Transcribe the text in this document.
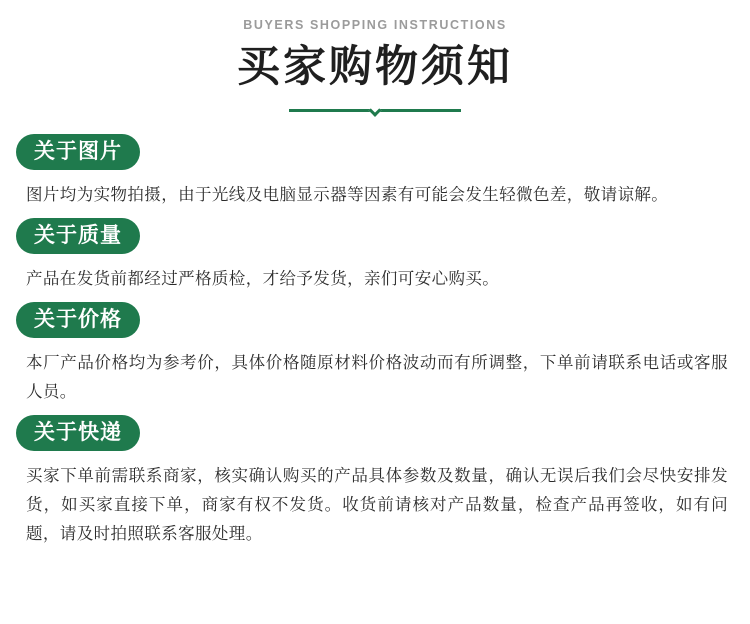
BUYERS SHOPPING INSTRUCTIONS
买家购物须知
关于图片
图片均为实物拍摄，由于光线及电脑显示器等因素有可能会发生轻微色差，敬请谅解。
关于质量
产品在发货前都经过严格质检，才给予发货，亲们可安心购买。
关于价格
本厂产品价格均为参考价，具体价格随原材料价格波动而有所调整，下单前请联系电话或客服人员。
关于快递
买家下单前需联系商家，核实确认购买的产品具体参数及数量，确认无误后我们会尽快安排发货，如买家直接下单，商家有权不发货。收货前请核对产品数量，检查产品再签收，如有问题，请及时拍照联系客服处理。
